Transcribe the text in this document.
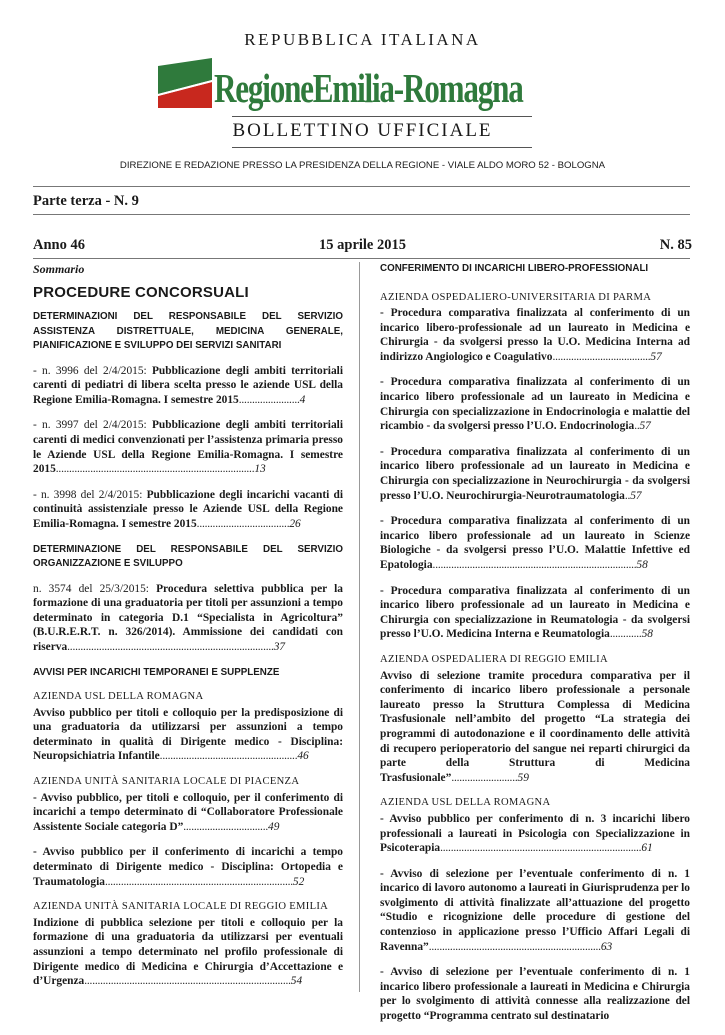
REPUBBLICA ITALIANA
RegioneEmilia-Romagna
BOLLETTINO UFFICIALE
DIREZIONE E REDAZIONE PRESSO LA PRESIDENZA DELLA REGIONE - VIALE ALDO MORO 52 - BOLOGNA
Parte terza - N. 9
Anno 46	15 aprile 2015	N. 85
Sommario
PROCEDURE CONCORSUALI
DETERMINAZIONI DEL RESPONSABILE DEL SERVIZIO ASSISTENZA DISTRETTUALE, MEDICINA GENERALE, PIANIFICAZIONE E SVILUPPO DEI SERVIZI SANITARI
- n. 3996 del 2/4/2015: Pubblicazione degli ambiti territoriali carenti di pediatri di libera scelta presso le aziende USL della Regione Emilia-Romagna. I semestre 2015.......................4
- n. 3997 del 2/4/2015: Pubblicazione degli ambiti territoriali carenti di medici convenzionati per l’assistenza primaria presso le Aziende USL della Regione Emilia-Romagna. I semestre 2015...........................................................................13
- n. 3998 del 2/4/2015: Pubblicazione degli incarichi vacanti di continuità assistenziale presso le Aziende USL della Regione Emilia-Romagna. I semestre 2015...................................26
DETERMINAZIONE DEL RESPONSABILE DEL SERVIZIO ORGANIZZAZIONE E SVILUPPO
n. 3574 del 25/3/2015: Procedura selettiva pubblica per la formazione di una graduatoria per titoli per assunzioni a tempo determinato in categoria D.1 “Specialista in Agricoltura” (B.U.R.E.R.T. n. 326/2014). Ammissione dei candidati con riserva..............................................................................37
AVVISI PER INCARICHI TEMPORANEI E SUPPLENZE
AZIENDA USL DELLA ROMAGNA
Avviso pubblico per titoli e colloquio per la predisposizione di una graduatoria da utilizzarsi per assunzioni a tempo determinato in qualità di Dirigente medico - Disciplina: Neuropsichiatria Infantile....................................................46
AZIENDA UNITÀ SANITARIA LOCALE DI PIACENZA
- Avviso pubblico, per titoli e colloquio, per il conferimento di incarichi a tempo determinato di “Collaboratore Professionale Assistente Sociale categoria D”................................49
- Avviso pubblico per il conferimento di incarichi a tempo determinato di Dirigente medico - Disciplina: Ortopedia e Traumatologia.......................................................................52
AZIENDA UNITÀ SANITARIA LOCALE DI REGGIO EMILIA
Indizione di pubblica selezione per titoli e colloquio per la formazione di una graduatoria da utilizzarsi per eventuali assunzioni a tempo determinato nel profilo professionale di Dirigente medico di Medicina e Chirurgia d’Accettazione e d’Urgenza..............................................................................54
CONFERIMENTO DI INCARICHI LIBERO-PROFESSIONALI
AZIENDA OSPEDALIERO-UNIVERSITARIA DI PARMA
- Procedura comparativa finalizzata al conferimento di un incarico libero-professionale ad un laureato in Medicina e Chirurgia - da svolgersi presso la U.O. Medicina Interna ad indirizzo Angiologico e Coagulativo.....................................57
- Procedura comparativa finalizzata al conferimento di un incarico libero professionale ad un laureato in Medicina e Chirurgia con specializzazione in Endocrinologia e malattie del ricambio - da svolgersi presso l’U.O. Endocrinologia..57
- Procedura comparativa finalizzata al conferimento di un incarico libero professionale ad un laureato in Medicina e Chirurgia con specializzazione in Neurochirurgia - da svolgersi presso l’U.O. Neurochirurgia-Neurotraumatologia..57
- Procedura comparativa finalizzata al conferimento di un incarico libero professionale ad un laureato in Scienze Biologiche - da svolgersi presso l’U.O. Malattie Infettive ed Epatologia.............................................................................58
- Procedura comparativa finalizzata al conferimento di un incarico libero professionale ad un laureato in Medicina e Chirurgia con specializzazione in Reumatologia - da svolgersi presso l’U.O. Medicina Interna e Reumatologia............58
AZIENDA OSPEDALIERA DI REGGIO EMILIA
Avviso di selezione tramite procedura comparativa per il conferimento di incarico libero professionale a personale laureato presso la Struttura Complessa di Medicina Trasfusionale nell’ambito del progetto “La strategia dei programmi di autodonazione e il coordinamento delle attività di recupero perioperatorio del sangue nei reparti chirurgici da parte della Struttura di Medicina Trasfusionale”.........................59
AZIENDA USL DELLA ROMAGNA
- Avviso pubblico per conferimento di n. 3 incarichi libero professionali a laureati in Psicologia con Specializzazione in Psicoterapia............................................................................61
- Avviso di selezione per l’eventuale conferimento di n. 1 incarico di lavoro autonomo a laureati in Giurisprudenza per lo svolgimento di attività finalizzate all’attuazione del progetto “Studio e ricognizione delle procedure di gestione del contenzioso in applicazione presso l’Ufficio Affari Legali di Ravenna”.................................................................63
- Avviso di selezione per l’eventuale conferimento di n. 1 incarico libero professionale a laureati in Medicina e Chirurgia per lo svolgimento di attività connesse alla realizzazione del progetto “Programma centrato sul destinatario
